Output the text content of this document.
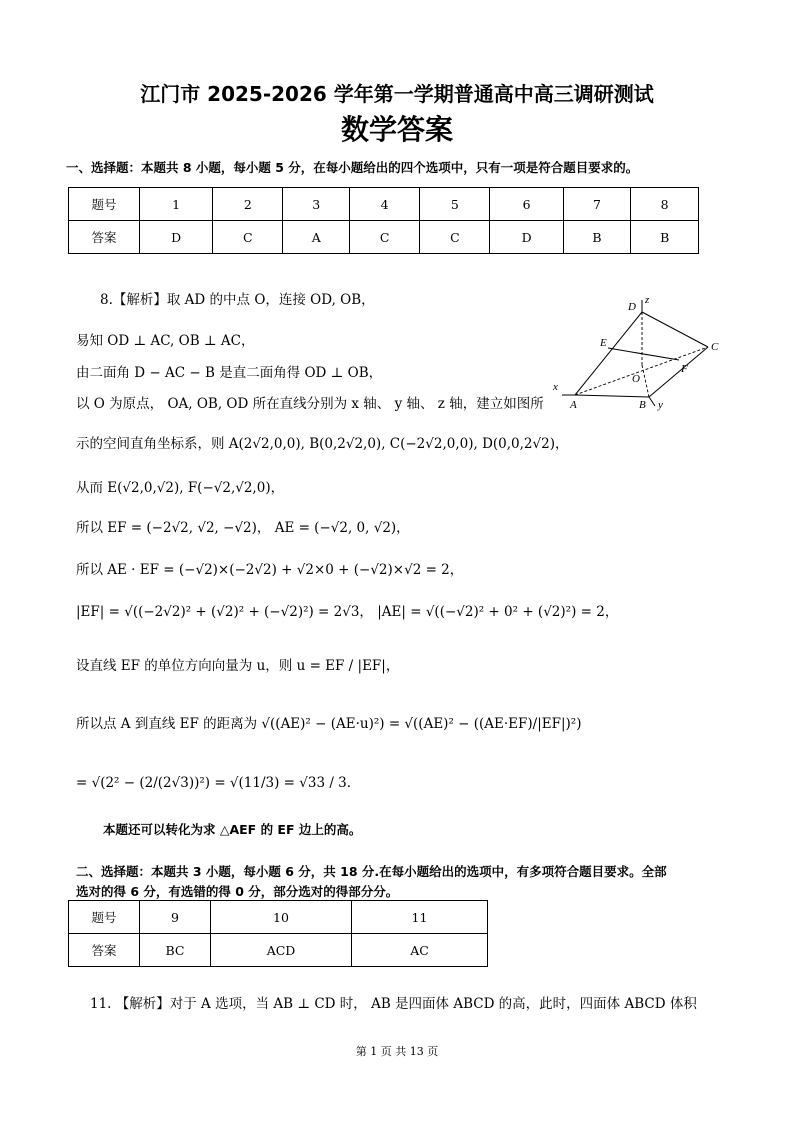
江门市 2025-2026 学年第一学期普通高中高三调研测试
数学答案
一、选择题：本题共 8 小题，每小题 5 分，在每小题给出的四个选项中，只有一项是符合题目要求的。
题号	1	2	3	4	5	6	7	8
答案	D	C	A	C	C	D	B	B
8.【解析】取 AD 的中点 O，连接 OD, OB，
易知 OD ⊥ AC, OB ⊥ AC，
由二面角 D − AC − B 是直二面角得 OD ⊥ OB，
以 O 为原点， OA, OB, OD 所在直线分别为 x 轴、 y 轴、 z 轴，建立如图所
示的空间直角坐标系，则 A(2√2,0,0), B(0,2√2,0), C(−2√2,0,0), D(0,0,2√2)，
从而 E(√2,0,√2), F(−√2,√2,0)，
所以 EF = (−2√2, √2, −√2)， AE = (−√2, 0, √2)，
所以 AE · EF = (−√2)×(−2√2) + √2×0 + (−√2)×√2 = 2，
|EF| = √((−2√2)² + (√2)² + (−√2)²) = 2√3， |AE| = √((−√2)² + 0² + (√2)²) = 2，
设直线 EF 的单位方向向量为 u，则 u = EF / |EF|，
所以点 A 到直线 EF 的距离为 √((AE)² − (AE·u)²) = √((AE)² − ((AE·EF)/|EF|)²)
= √(2² − (2/(2√3))²) = √(11/3) = √33 / 3.
本题还可以转化为求 △AEF 的 EF 边上的高。
D
z
E	C
F
O
x
A	B y
二、选择题：本题共 3 小题，每小题 6 分，共 18 分.在每小题给出的选项中，有多项符合题目要求。全部
选对的得 6 分，有选错的得 0 分，部分选对的得部分分。
题号	9	10	11
答案	BC	ACD	AC
11. 【解析】对于 A 选项，当 AB ⊥ CD 时， AB 是四面体 ABCD 的高，此时，四面体 ABCD 体积
第 1 页 共 13 页
